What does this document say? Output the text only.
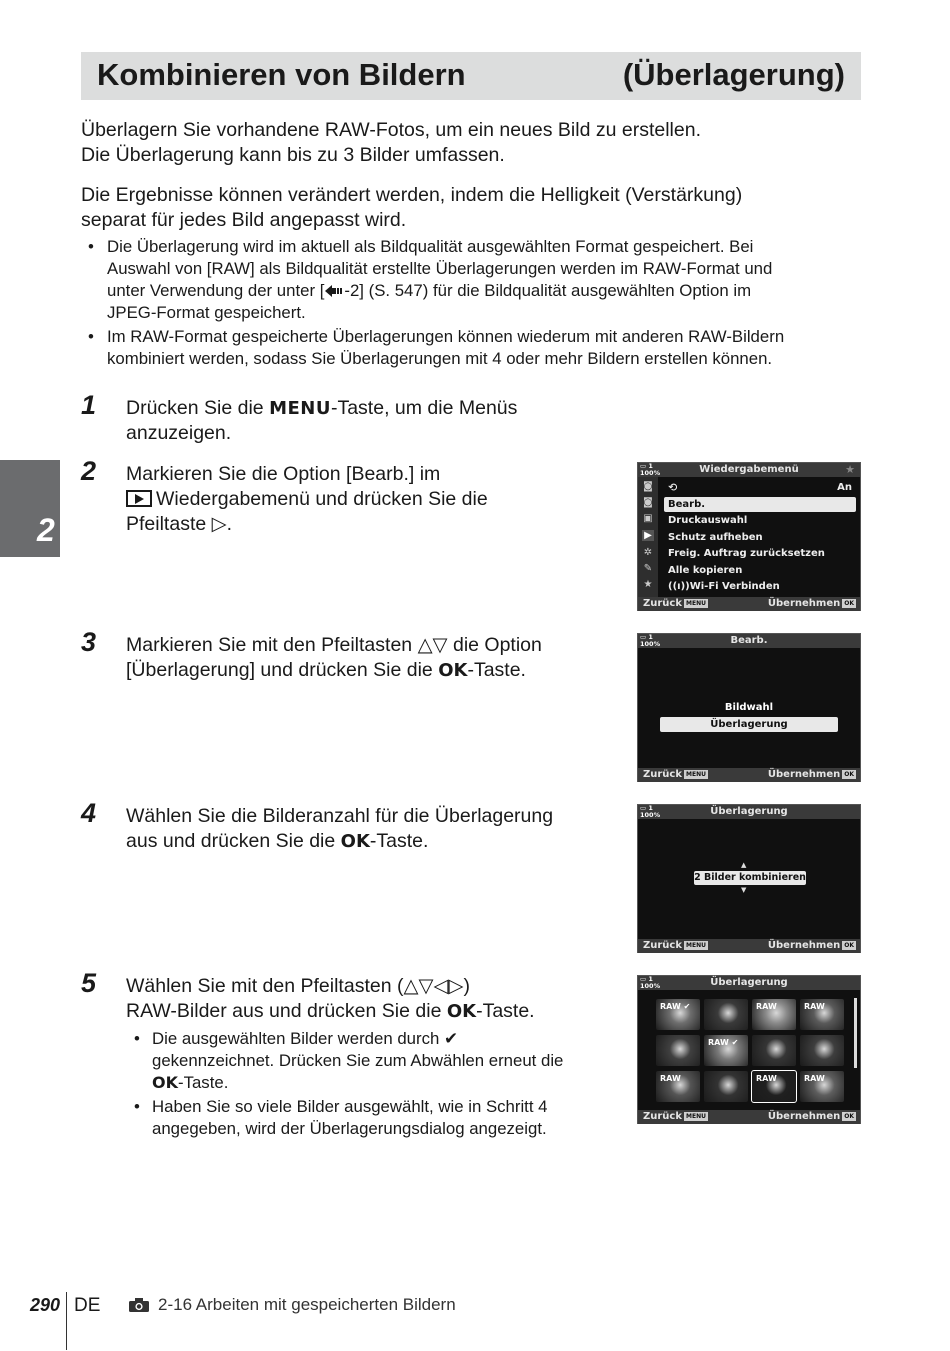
Kombinieren von Bildern	(Überlagerung)
Überlagern Sie vorhandene RAW-Fotos, um ein neues Bild zu erstellen.
Die Überlagerung kann bis zu 3 Bilder umfassen.
Die Ergebnisse können verändert werden, indem die Helligkeit (Verstärkung)
separat für jedes Bild angepasst wird.
• Die Überlagerung wird im aktuell als Bildqualität ausgewählten Format gespeichert. Bei
Auswahl von [RAW] als Bildqualität erstellte Überlagerungen werden im RAW-Format und
unter Verwendung der unter [ -2] (S. 547) für die Bildqualität ausgewählten Option im
JPEG-Format gespeichert.
• Im RAW-Format gespeicherte Überlagerungen können wiederum mit anderen RAW-Bildern
kombiniert werden, sodass Sie Überlagerungen mit 4 oder mehr Bildern erstellen können.
2
1 Drücken Sie die MENU-Taste, um die Menüs
anzuzeigen.
2 Markieren Sie die Option [Bearb.] im
Wiedergabemenü und drücken Sie die
Pfeiltaste ▷.
▭ 1
100%	Wiedergabemenü	★
◙
◙
▣
▶
✲
✎
★
⟲	An
Bearb.
Druckauswahl
Schutz aufheben
Freig. Auftrag zurücksetzen
Alle kopieren
((ı))Wi-Fi Verbinden
Zurück MENU	Übernehmen OK
3 Markieren Sie mit den Pfeiltasten △▽ die Option
[Überlagerung] und drücken Sie die OK-Taste.
▭ 1
100%	Bearb.
Bildwahl
Überlagerung
Zurück MENU	Übernehmen OK
4 Wählen Sie die Bilderanzahl für die Überlagerung
aus und drücken Sie die OK-Taste.
▭ 1
100%	Überlagerung
▲
2 Bilder kombinieren
▼
Zurück MENU	Übernehmen OK
5 Wählen Sie mit den Pfeiltasten (△▽◁▷)
RAW-Bilder aus und drücken Sie die OK-Taste.
• Die ausgewählten Bilder werden durch ✔
gekennzeichnet. Drücken Sie zum Abwählen erneut die
OK-Taste.
• Haben Sie so viele Bilder ausgewählt, wie in Schritt 4
angegeben, wird der Überlagerungsdialog angezeigt.
▭ 1
100%	Überlagerung
RAW ✔	RAW	RAW
RAW ✔
RAW	RAW	RAW
Zurück MENU	Übernehmen OK
290 DE	2-16 Arbeiten mit gespeicherten Bildern
